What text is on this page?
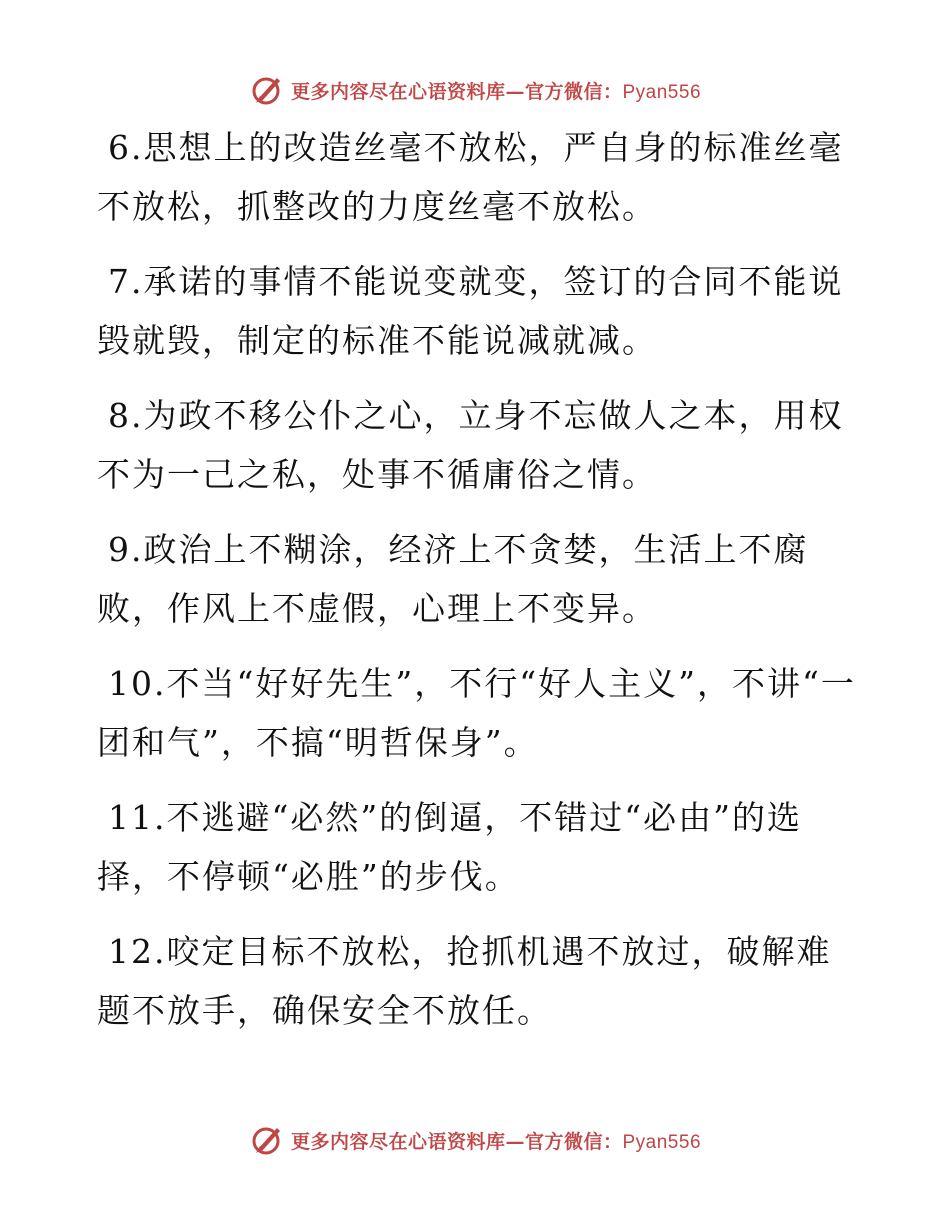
更多内容尽在心语资料库—官方微信：Pyan556

6.思想上的改造丝毫不放松，严自身的标准丝毫不放松，抓整改的力度丝毫不放松。

7.承诺的事情不能说变就变，签订的合同不能说毁就毁，制定的标准不能说减就减。

8.为政不移公仆之心，立身不忘做人之本，用权不为一己之私，处事不循庸俗之情。

9.政治上不糊涂，经济上不贪婪，生活上不腐败，作风上不虚假，心理上不变异。

10.不当“好好先生”，不行“好人主义”，不讲“一团和气”，不搞“明哲保身”。

11.不逃避“必然”的倒逼，不错过“必由”的选择，不停顿“必胜”的步伐。

12.咬定目标不放松，抢抓机遇不放过，破解难题不放手，确保安全不放任。

更多内容尽在心语资料库—官方微信：Pyan556
